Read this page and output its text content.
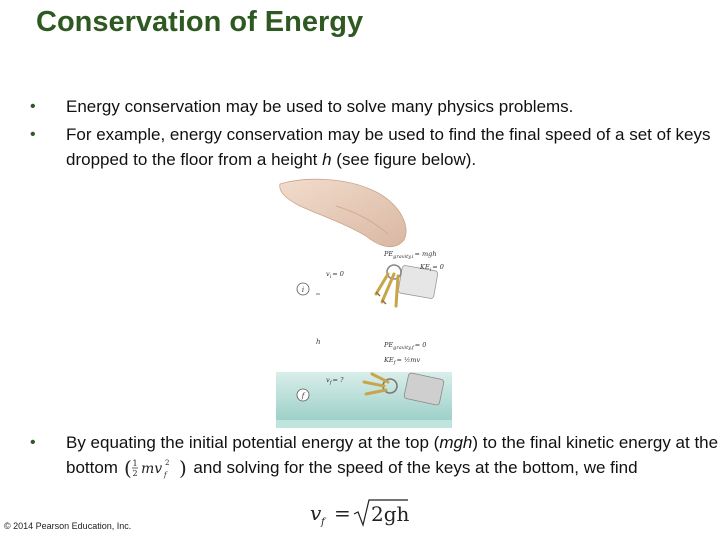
Conservation of Energy
• Energy conservation may be used to solve many physics problems.
• For example, energy conservation may be used to find the final speed of a set of keys dropped to the floor from a height h (see figure below).
$PE_{gravity,i}=$ mgh
$KE_i= 0$
$v_i= 0$
i
h	$PE_{gravity,f}= 0$
$KE_f=$ ½mv
$v_f=$ ?
f
• By equating the initial potential energy at the top (mgh) to the final kinetic energy at the bottom ( 1
2 mv f
2 ) and solving for the speed of the keys at the bottom, we find
v f = 2gh
© 2014 Pearson Education, Inc.
